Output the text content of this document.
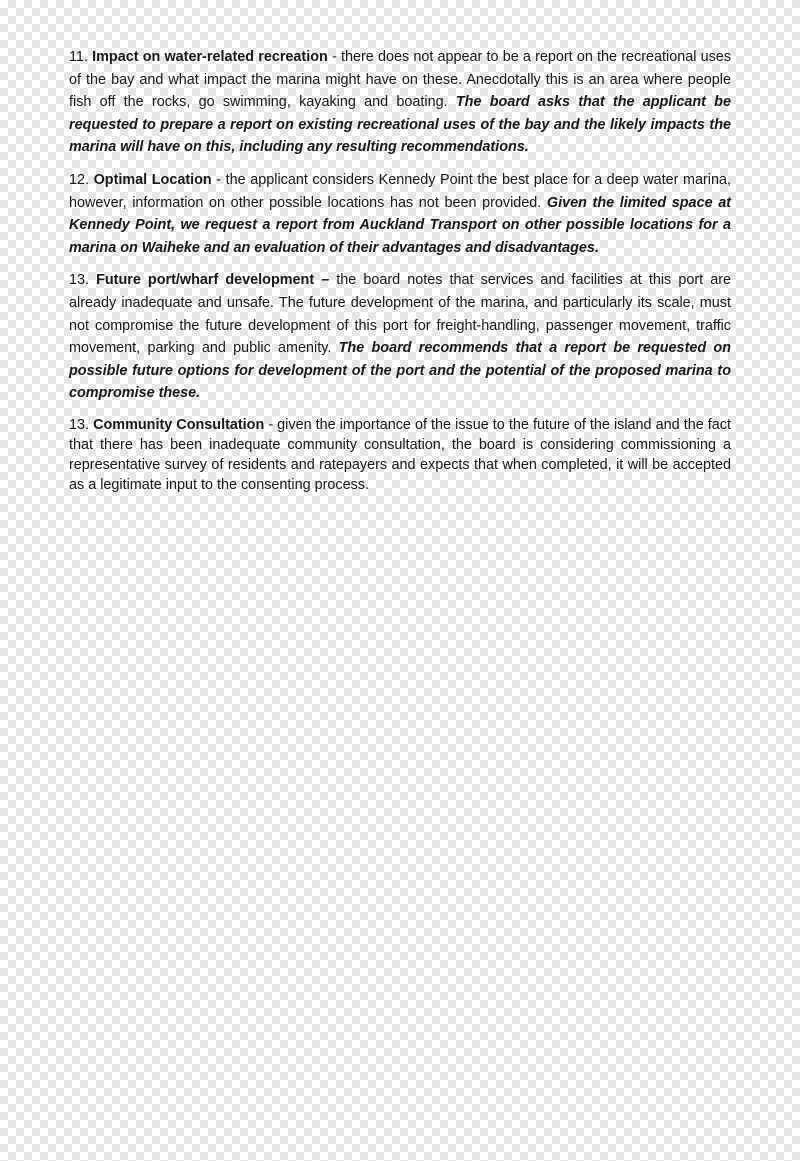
11. Impact on water-related recreation - there does not appear to be a report on the recreational uses of the bay and what impact the marina might have on these. Anecdotally this is an area where people fish off the rocks, go swimming, kayaking and boating. The board asks that the applicant be requested to prepare a report on existing recreational uses of the bay and the likely impacts the marina will have on this, including any resulting recommendations.

12. Optimal Location - the applicant considers Kennedy Point the best place for a deep water marina, however, information on other possible locations has not been provided. Given the limited space at Kennedy Point, we request a report from Auckland Transport on other possible locations for a marina on Waiheke and an evaluation of their advantages and disadvantages.

13. Future port/wharf development – the board notes that services and facilities at this port are already inadequate and unsafe. The future development of the marina, and particularly its scale, must not compromise the future development of this port for freight-handling, passenger movement, traffic movement, parking and public amenity. The board recommends that a report be requested on possible future options for development of the port and the potential of the proposed marina to compromise these.

13. Community Consultation - given the importance of the issue to the future of the island and the fact that there has been inadequate community consultation, the board is considering commissioning a representative survey of residents and ratepayers and expects that when completed, it will be accepted as a legitimate input to the consenting process.
